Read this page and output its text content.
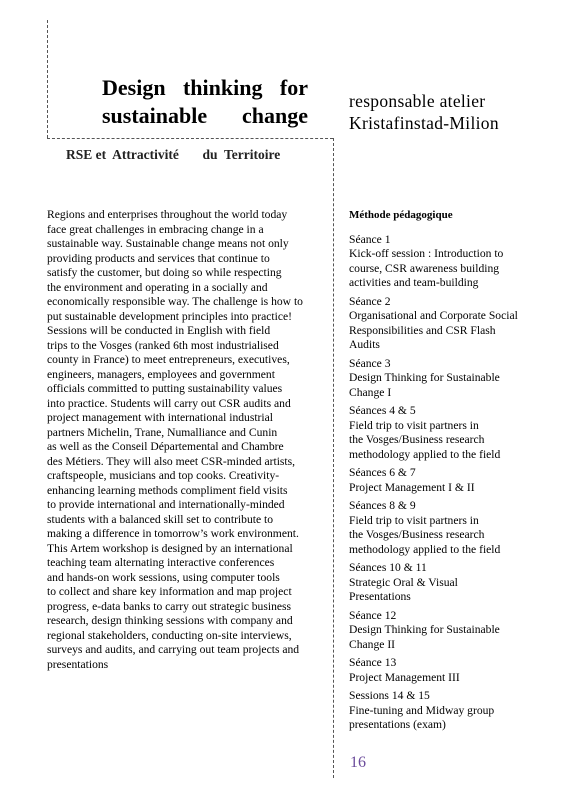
Design thinking for
sustainable change
RSE et  Attractivité       du  Territoire
responsable atelier
Kristafinstad-Milion
Regions and enterprises throughout the world today
face great challenges in embracing change in a
sustainable way. Sustainable change means not only
providing products and services that continue to
satisfy the customer, but doing so while respecting
the environment and operating in a socially and
economically responsible way. The challenge is how to
put sustainable development principles into practice!
Sessions will be conducted in English with field
trips to the Vosges (ranked 6th most industrialised
county in France) to meet entrepreneurs, executives,
engineers, managers, employees and government
officials committed to putting sustainability values
into practice. Students will carry out CSR audits and
project management with international industrial
partners Michelin, Trane, Numalliance and Cunin
as well as the Conseil Départemental and Chambre
des Métiers. They will also meet CSR-minded artists,
craftspeople, musicians and top cooks. Creativity-
enhancing learning methods compliment field visits
to provide international and internationally-minded
students with a balanced skill set to contribute to
making a difference in tomorrow’s work environment.
This Artem workshop is designed by an international
teaching team alternating interactive conferences
and hands-on work sessions, using computer tools
to collect and share key information and map project
progress, e-data banks to carry out strategic business
research, design thinking sessions with company and
regional stakeholders, conducting on-site interviews,
surveys and audits, and carrying out team projects and
presentations
Méthode pédagogique
Séance 1
Kick-off session : Introduction to
course, CSR awareness building
activities and team-building
Séance 2
Organisational and Corporate Social
Responsibilities and CSR Flash
Audits
Séance 3
Design Thinking for Sustainable
Change I
Séances 4 & 5
Field trip to visit partners in
the Vosges/Business research
methodology applied to the field
Séances 6 & 7
Project Management I & II
Séances 8 & 9
Field trip to visit partners in
the Vosges/Business research
methodology applied to the field
Séances 10 & 11
Strategic Oral & Visual
Presentations
Séance 12
Design Thinking for Sustainable
Change II
Séance 13
Project Management III
Sessions 14 & 15
Fine-tuning and Midway group
presentations (exam)
16
